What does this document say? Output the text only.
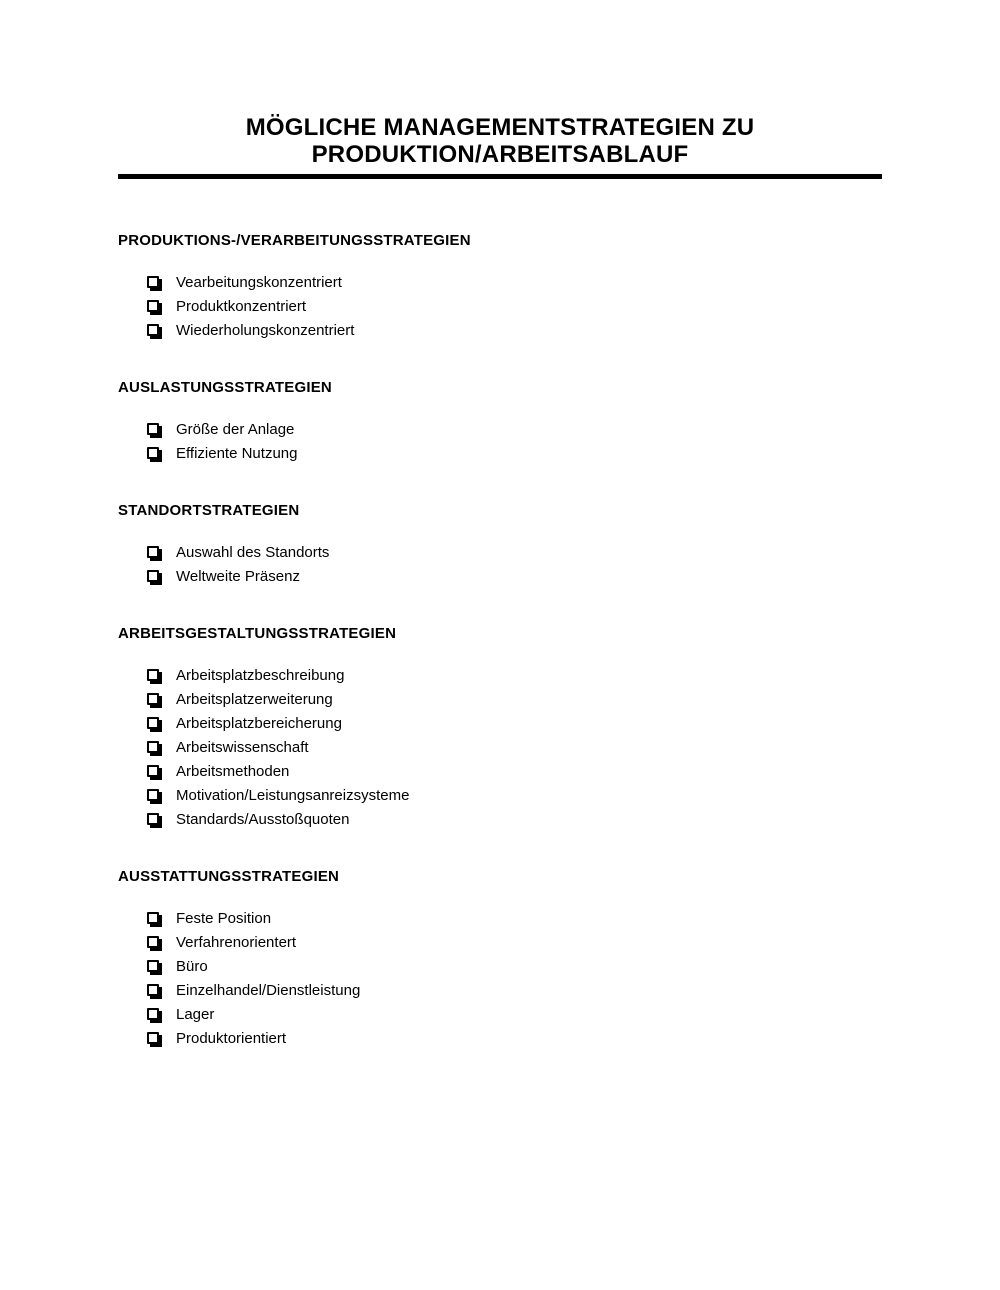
MÖGLICHE MANAGEMENTSTRATEGIEN ZU
PRODUKTION/ARBEITSABLAUF
PRODUKTIONS-/VERARBEITUNGSSTRATEGIEN
Vearbeitungskonzentriert
Produktkonzentriert
Wiederholungskonzentriert
AUSLASTUNGSSTRATEGIEN
Größe der Anlage
Effiziente Nutzung
STANDORTSTRATEGIEN
Auswahl des Standorts
Weltweite Präsenz
ARBEITSGESTALTUNGSSTRATEGIEN
Arbeitsplatzbeschreibung
Arbeitsplatzerweiterung
Arbeitsplatzbereicherung
Arbeitswissenschaft
Arbeitsmethoden
Motivation/Leistungsanreizsysteme
Standards/Ausstoßquoten
AUSSTATTUNGSSTRATEGIEN
Feste Position
Verfahrenorientert
Büro
Einzelhandel/Dienstleistung
Lager
Produktorientiert
